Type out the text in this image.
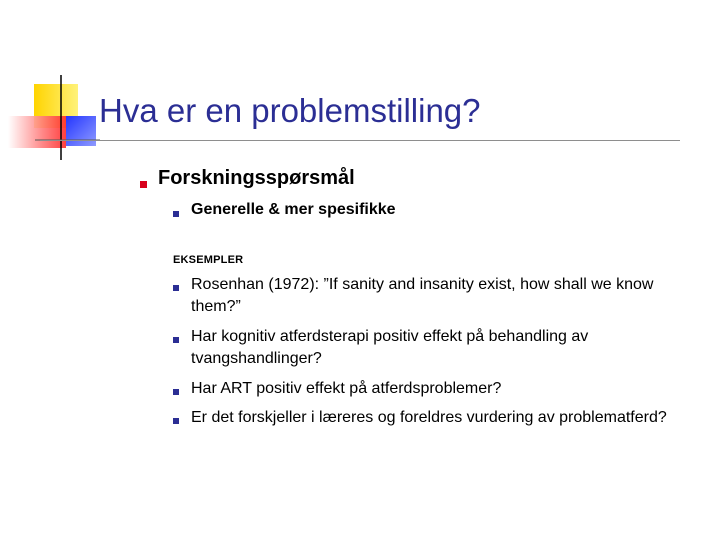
Hva er en problemstilling?
Forskningsspørsmål
Generelle & mer spesifikke
EKSEMPLER
Rosenhan (1972): ”If sanity and insanity exist, how shall we know them?”
Har kognitiv atferdsterapi positiv effekt på behandling av tvangshandlinger?
Har ART positiv effekt på atferdsproblemer?
Er det forskjeller i læreres og foreldres vurdering av problematferd?
